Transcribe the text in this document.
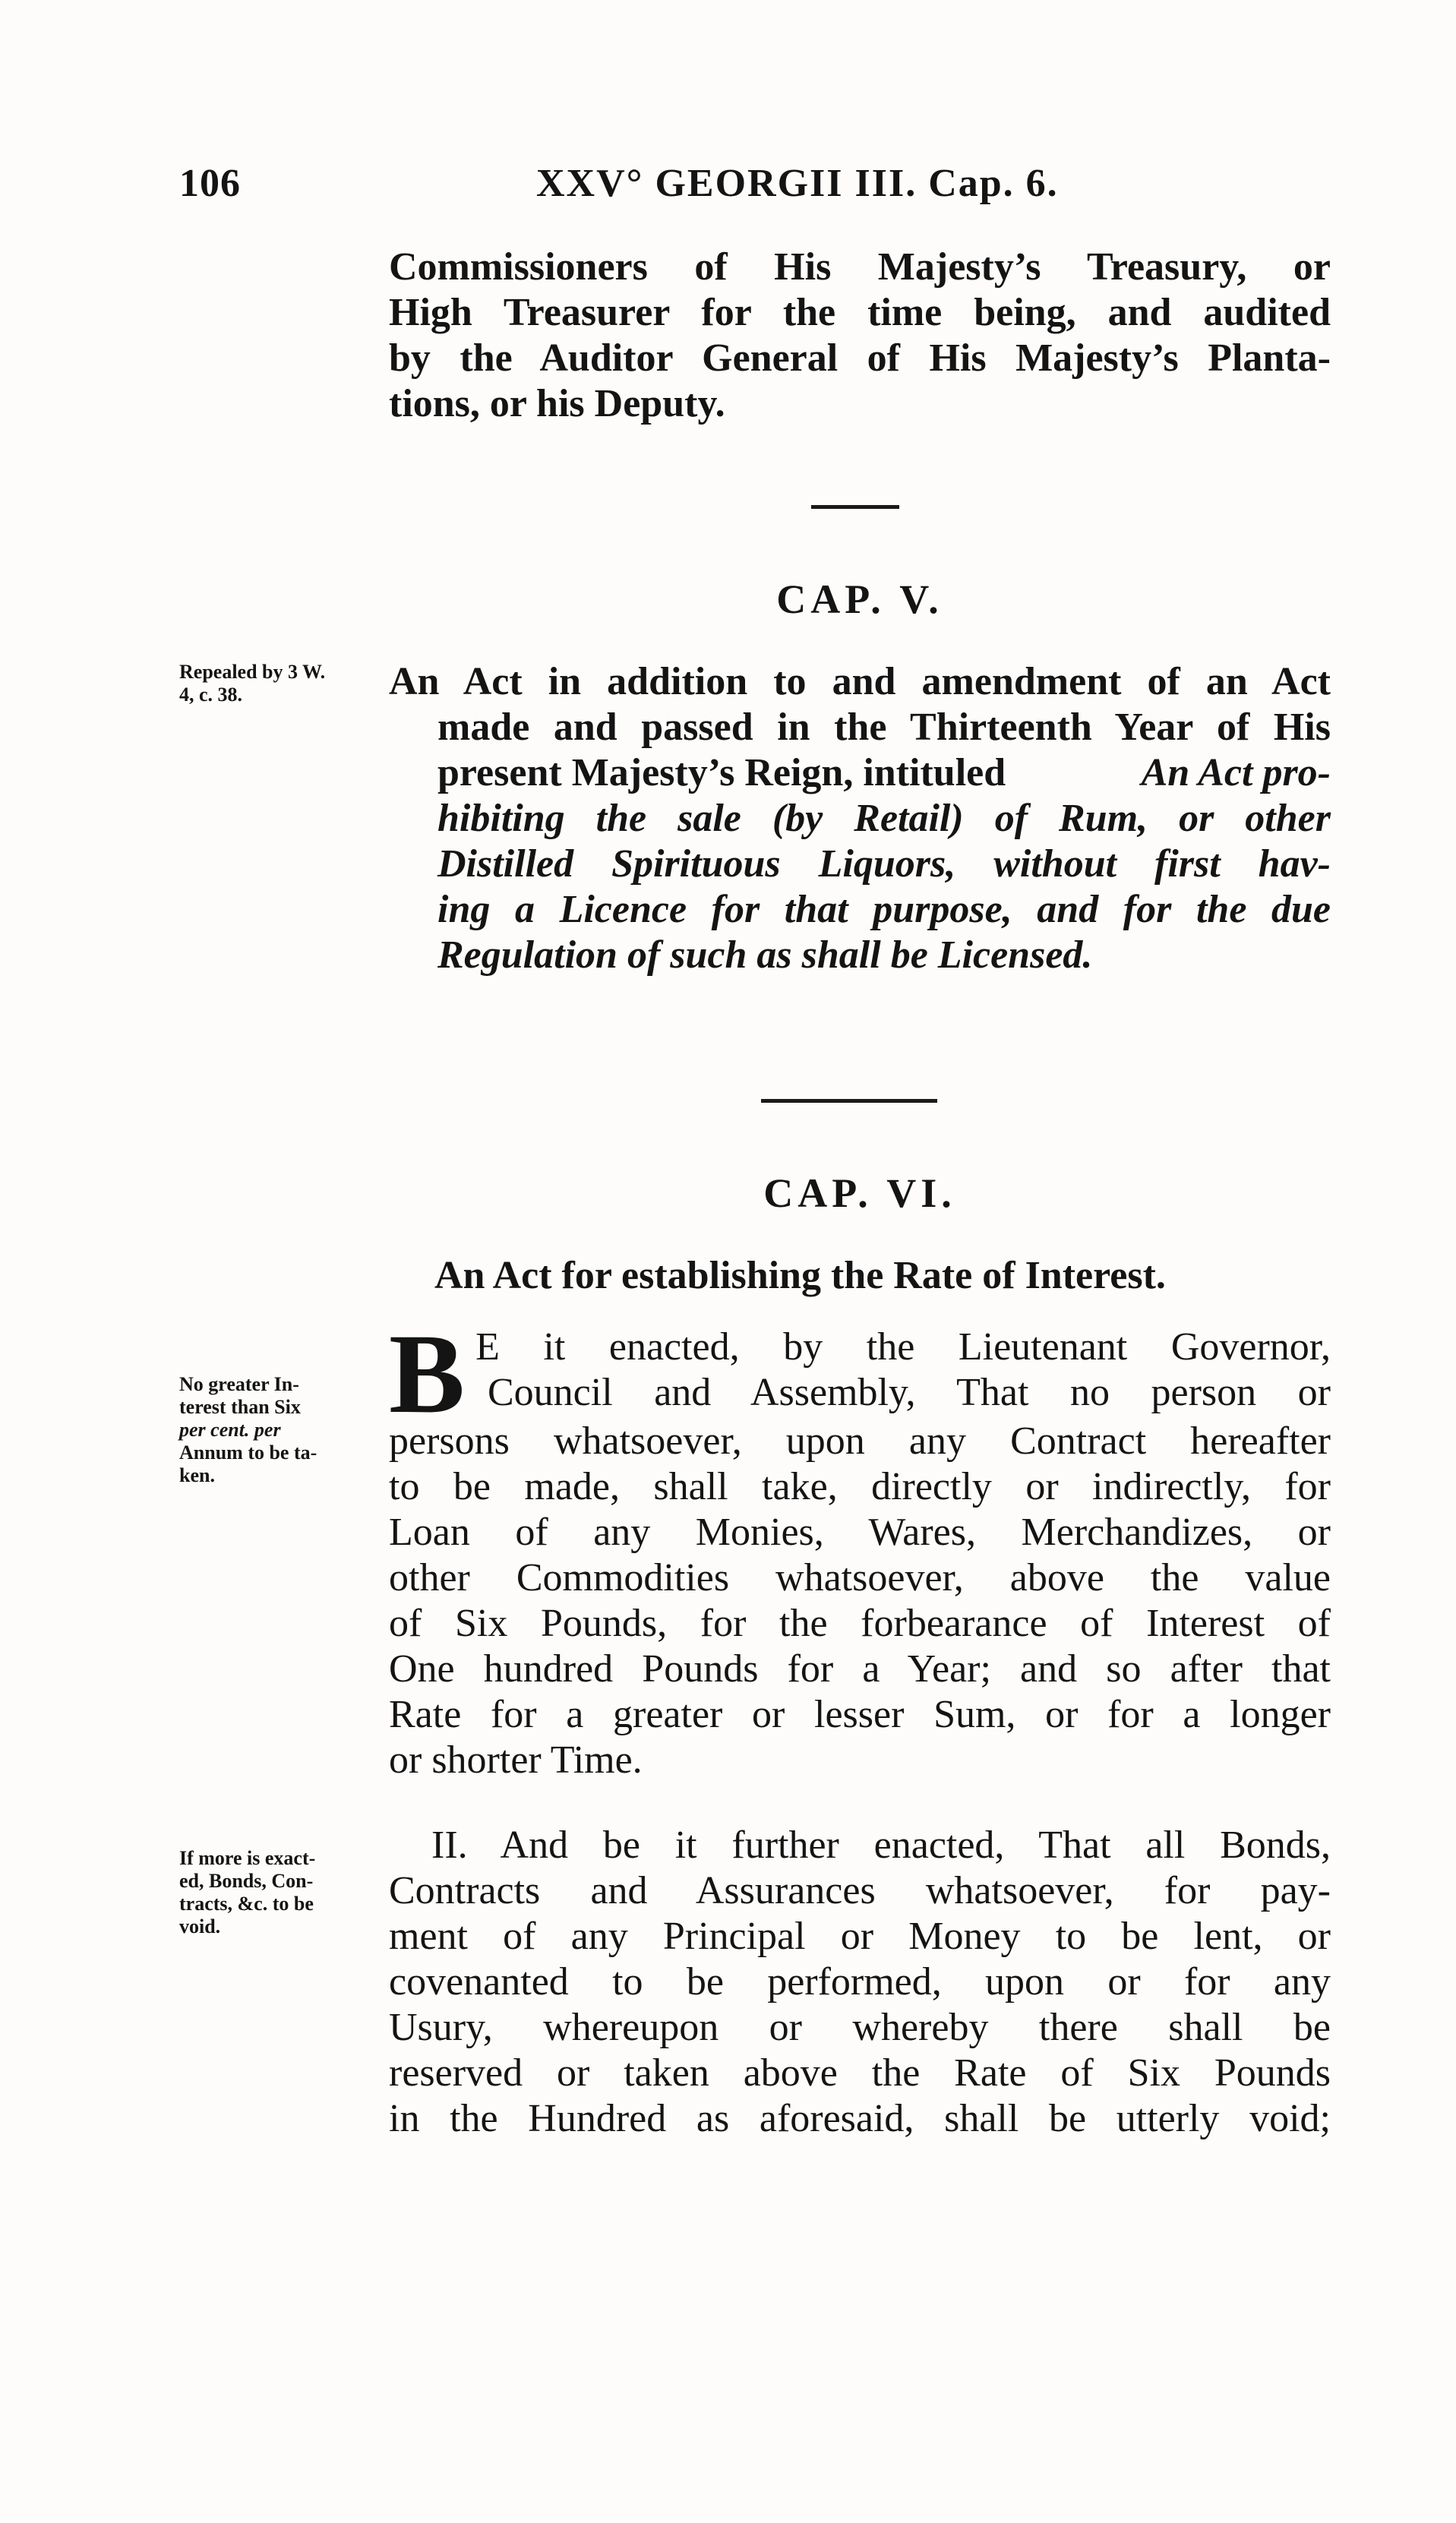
106	XXV° GEORGII III. Cap. 6.
Commissioners of His Majesty’s Treasury, or
High Treasurer for the time being, and audited
by the Auditor General of His Majesty’s Planta-
tions, or his Deputy.
CAP. V.
Repealed by 3 W.
4, c. 38.	An Act in addition to and amendment of an Act
made and passed in the Thirteenth Year of His
present Majesty’s Reign, intituled	An Act pro-
hibiting the sale (by Retail) of Rum, or other
Distilled Spirituous Liquors, without first hav-
ing a Licence for that purpose, and for the due
Regulation of such as shall be Licensed.
CAP. VI.
An Act for establishing the Rate of Interest.
No greater In-
terest than Six
per cent. per
Annum to be ta-
ken.
B E it enacted, by the Lieutenant Governor,
Council and Assembly, That no person or
persons whatsoever, upon any Contract hereafter
to be made, shall take, directly or indirectly, for
Loan of any Monies, Wares, Merchandizes, or
other Commodities whatsoever, above the value
of Six Pounds, for the forbearance of Interest of
One hundred Pounds for a Year; and so after that
Rate for a greater or lesser Sum, or for a longer
or shorter Time.
If more is exact-
ed, Bonds, Con-
tracts, &c. to be
void.
II. And be it further enacted, That all Bonds,
Contracts and Assurances whatsoever, for pay-
ment of any Principal or Money to be lent, or
covenanted to be performed, upon or for any
Usury, whereupon or whereby there shall be
reserved or taken above the Rate of Six Pounds
in the Hundred as aforesaid, shall be utterly void;
